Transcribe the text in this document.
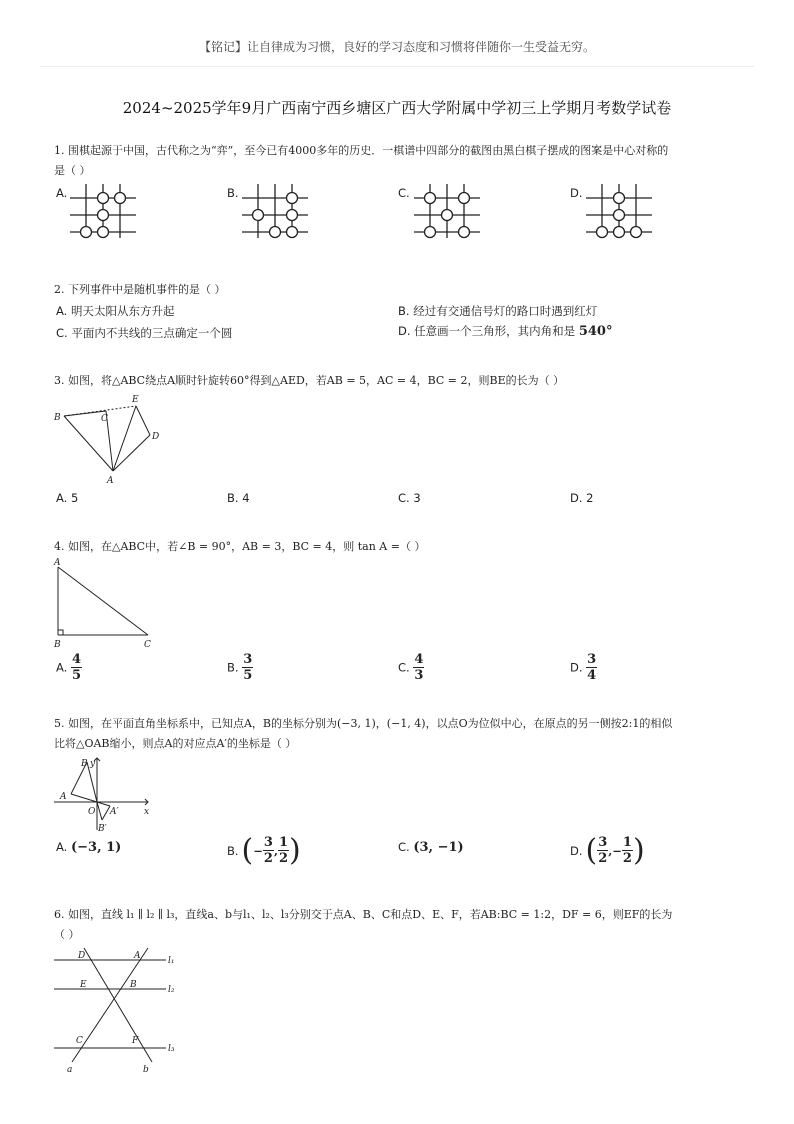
【铭记】让自律成为习惯，良好的学习态度和习惯将伴随你一生受益无穷。
2024~2025学年9月广西南宁西乡塘区广西大学附属中学初三上学期月考数学试卷
1. 围棋起源于中国，古代称之为“弈”，至今已有4000多年的历史．一棋谱中四部分的截图由黑白棋子摆成的图案是中心对称的
是（ ）
A.	B.	C.	D.
2. 下列事件中是随机事件的是（ ）
A. 明天太阳从东方升起	B. 经过有交通信号灯的路口时遇到红灯
C. 平面内不共线的三点确定一个圆	D. 任意画一个三角形，其内角和是 540°
3. 如图，将△ABC绕点A顺时针旋转60°得到△AED，若AB = 5，AC = 4，BC = 2，则BE的长为（ ）
B	C
E
D
A
A. 5	B. 4	C. 3	D. 2
4. 如图，在△ABC中，若∠B = 90°，AB = 3，BC = 4，则 tan A =（ ）
A
B	C
A. $\frac{4}{5}$	B. $\frac{3}{5}$	C. $\frac{4}{3}$	D. $\frac{3}{4}$
5. 如图，在平面直角坐标系中，已知点A，B的坐标分别为(−3, 1)，(−1, 4)，以点O为位似中心，在原点的另一侧按2:1的相似
比将△OAB缩小，则点A的对应点A′的坐标是（ ）
B y
A
O A′
B′
x
A. (−3, 1)	B. ( − $\frac{3}{2}$ , $\frac{1}{2}$ )	C. (3, −1)	D. ( $\frac{3}{2}$ ,− $\frac{1}{2}$ )
6. 如图，直线 l₁ ∥ l₂ ∥ l₃，直线a、b与l₁、l₂、l₃分别交于点A、B、C和点D、E、F，若AB:BC = 1:2，DF = 6，则EF的长为
（ ）
D	A	l₁
E	B	l₂
C	F
l₃
a	b
